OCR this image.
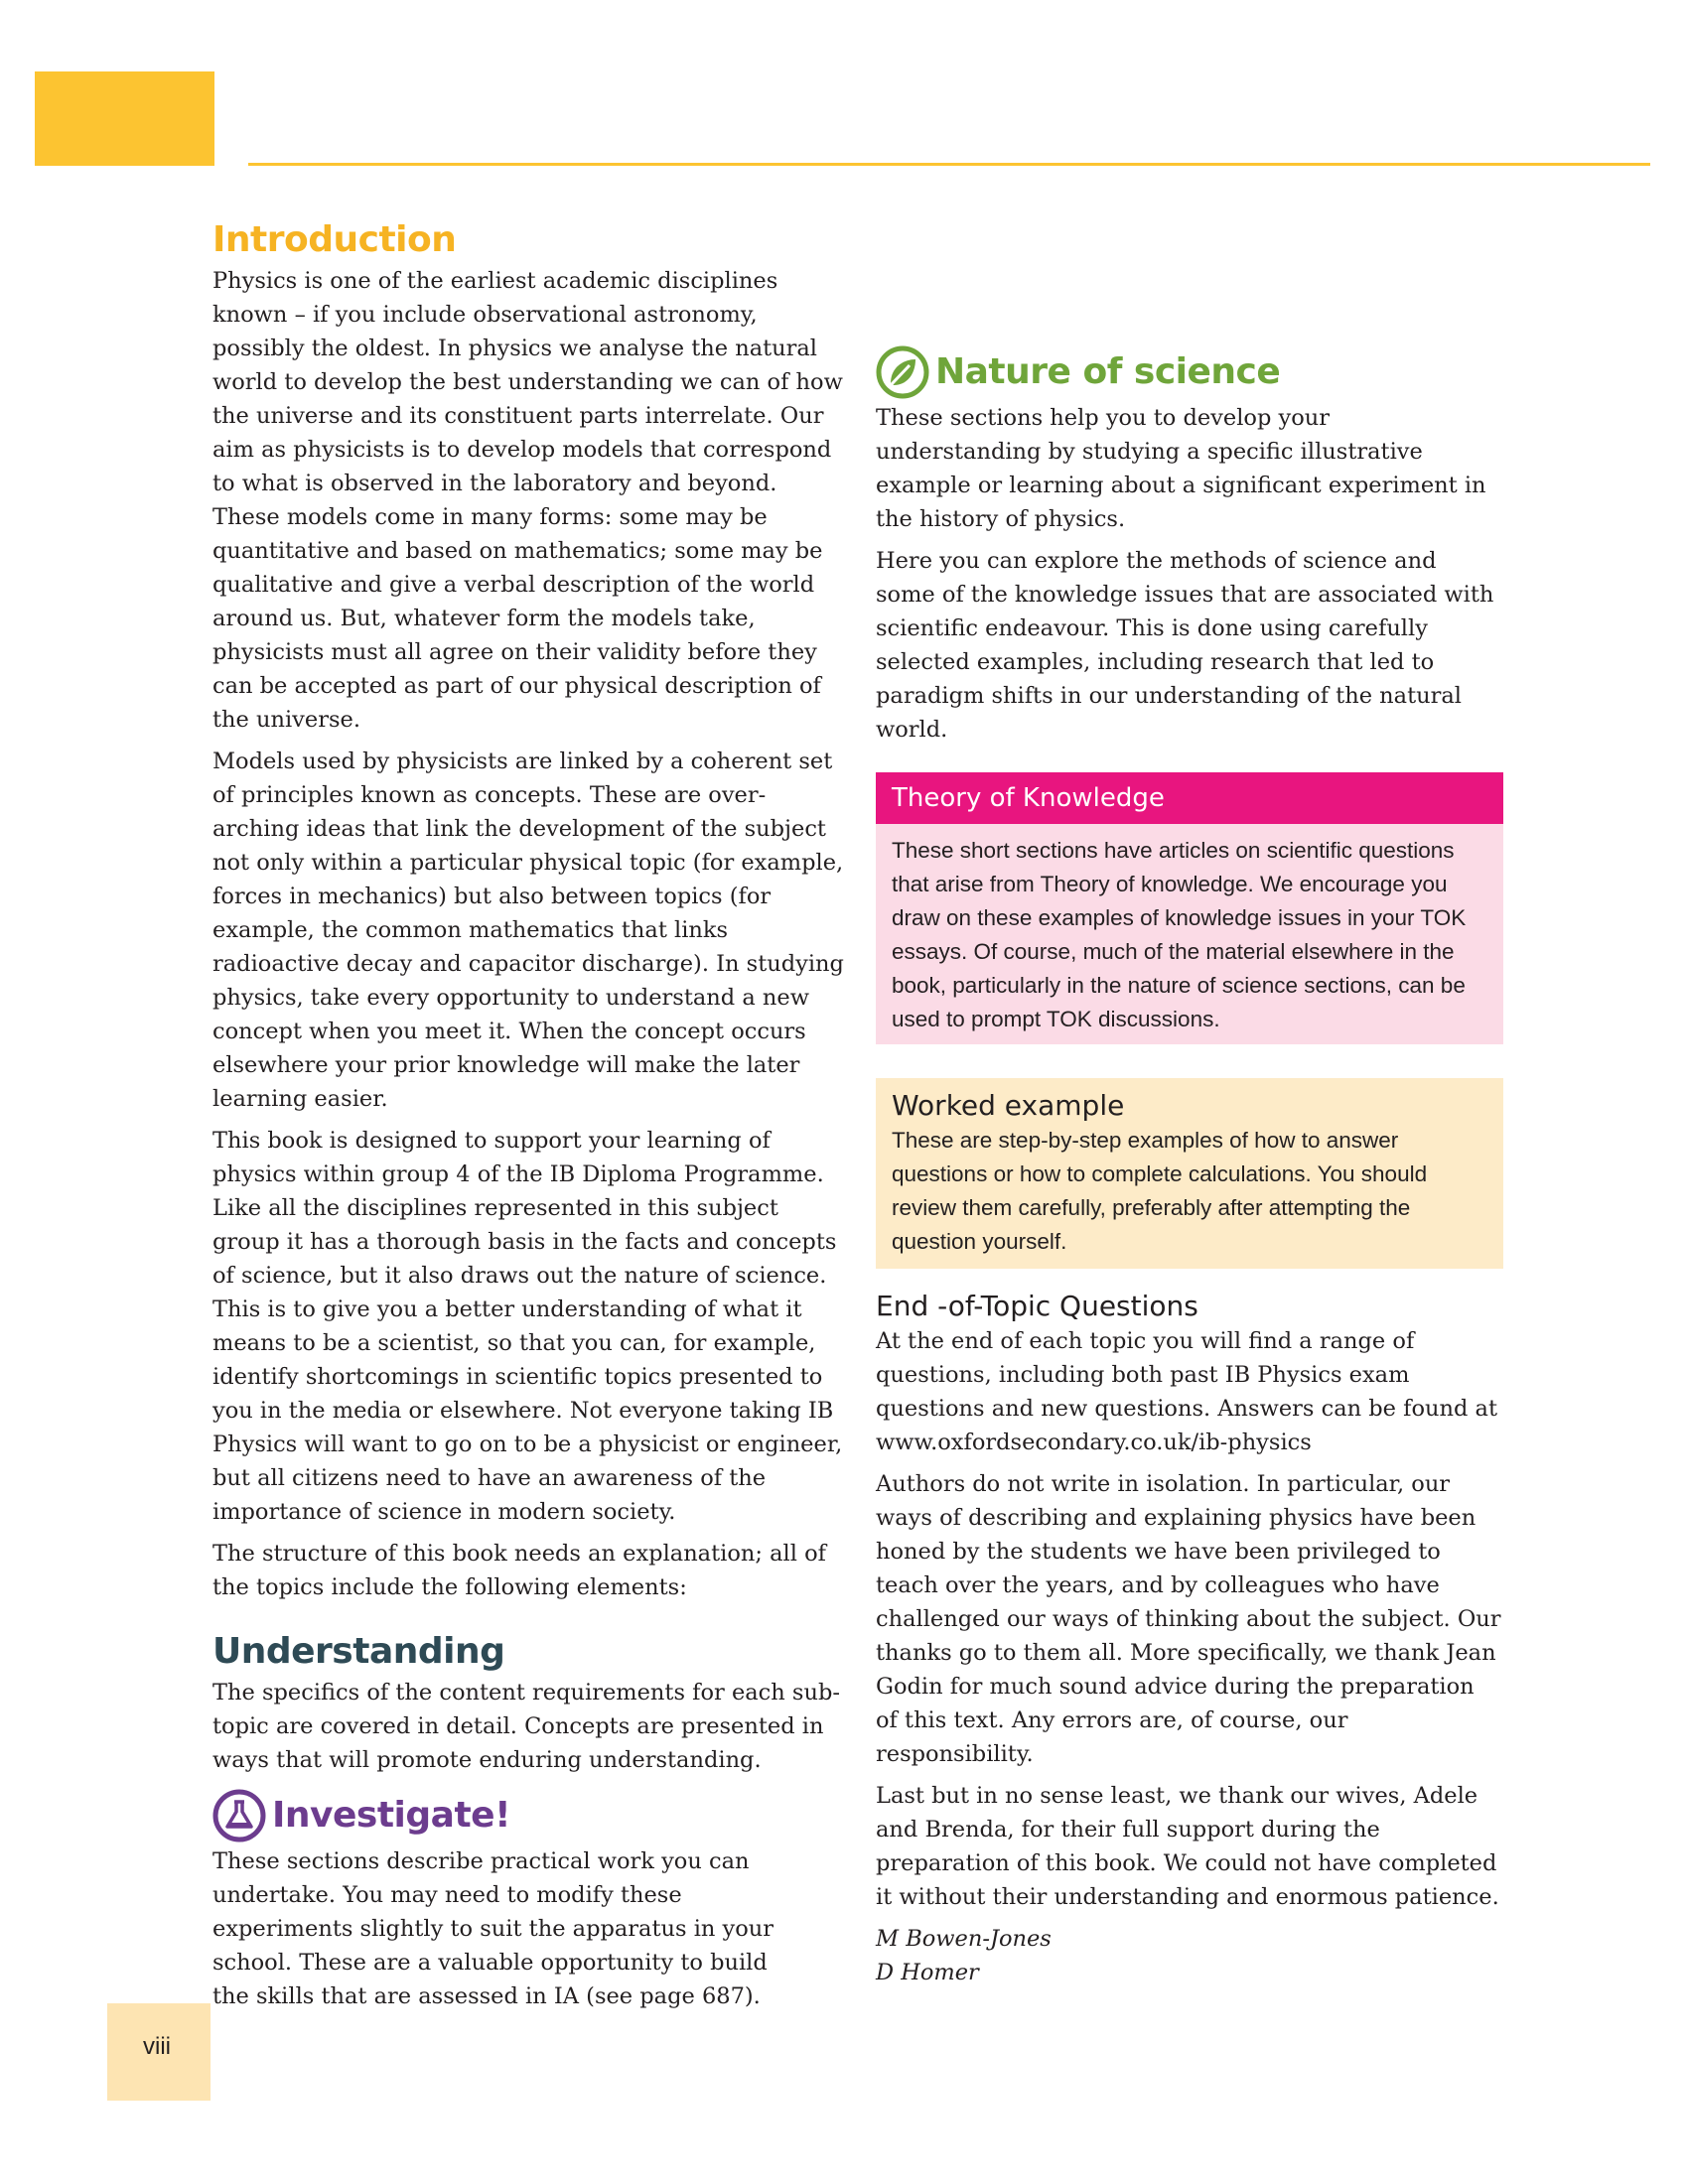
Introduction

Physics is one of the earliest academic disciplines known – if you include observational astronomy, possibly the oldest. In physics we analyse the natural world to develop the best understanding we can of how the universe and its constituent parts interrelate. Our aim as physicists is to develop models that correspond to what is observed in the laboratory and beyond. These models come in many forms: some may be quantitative and based on mathematics; some may be qualitative and give a verbal description of the world around us. But, whatever form the models take, physicists must all agree on their validity before they can be accepted as part of our physical description of the universe.

Models used by physicists are linked by a coherent set of principles known as concepts. These are over-arching ideas that link the development of the subject not only within a particular physical topic (for example, forces in mechanics) but also between topics (for example, the common mathematics that links radioactive decay and capacitor discharge). In studying physics, take every opportunity to understand a new concept when you meet it. When the concept occurs elsewhere your prior knowledge will make the later learning easier.

This book is designed to support your learning of physics within group 4 of the IB Diploma Programme. Like all the disciplines represented in this subject group it has a thorough basis in the facts and concepts of science, but it also draws out the nature of science. This is to give you a better understanding of what it means to be a scientist, so that you can, for example, identify shortcomings in scientific topics presented to you in the media or elsewhere. Not everyone taking IB Physics will want to go on to be a physicist or engineer, but all citizens need to have an awareness of the importance of science in modern society.

The structure of this book needs an explanation; all of the topics include the following elements:

Understanding

The specifics of the content requirements for each sub-topic are covered in detail. Concepts are presented in ways that will promote enduring understanding.

Investigate!

These sections describe practical work you can undertake. You may need to modify these experiments slightly to suit the apparatus in your school. These are a valuable opportunity to build the skills that are assessed in IA (see page 687).

Nature of science

These sections help you to develop your understanding by studying a specific illustrative example or learning about a significant experiment in the history of physics.

Here you can explore the methods of science and some of the knowledge issues that are associated with scientific endeavour. This is done using carefully selected examples, including research that led to paradigm shifts in our understanding of the natural world.

Theory of Knowledge
These short sections have articles on scientific questions that arise from Theory of knowledge. We encourage you draw on these examples of knowledge issues in your TOK essays. Of course, much of the material elsewhere in the book, particularly in the nature of science sections, can be used to prompt TOK discussions.
Worked example
These are step-by-step examples of how to answer questions or how to complete calculations. You should review them carefully, preferably after attempting the question yourself.
End -of-Topic Questions

At the end of each topic you will find a range of questions, including both past IB Physics exam questions and new questions. Answers can be found at www.oxfordsecondary.co.uk/ib-physics

Authors do not write in isolation. In particular, our ways of describing and explaining physics have been honed by the students we have been privileged to teach over the years, and by colleagues who have challenged our ways of thinking about the subject. Our thanks go to them all. More specifically, we thank Jean Godin for much sound advice during the preparation of this text. Any errors are, of course, our responsibility.

Last but in no sense least, we thank our wives, Adele and Brenda, for their full support during the preparation of this book. We could not have completed it without their understanding and enormous patience.

M Bowen-Jones

D Homer

viii
